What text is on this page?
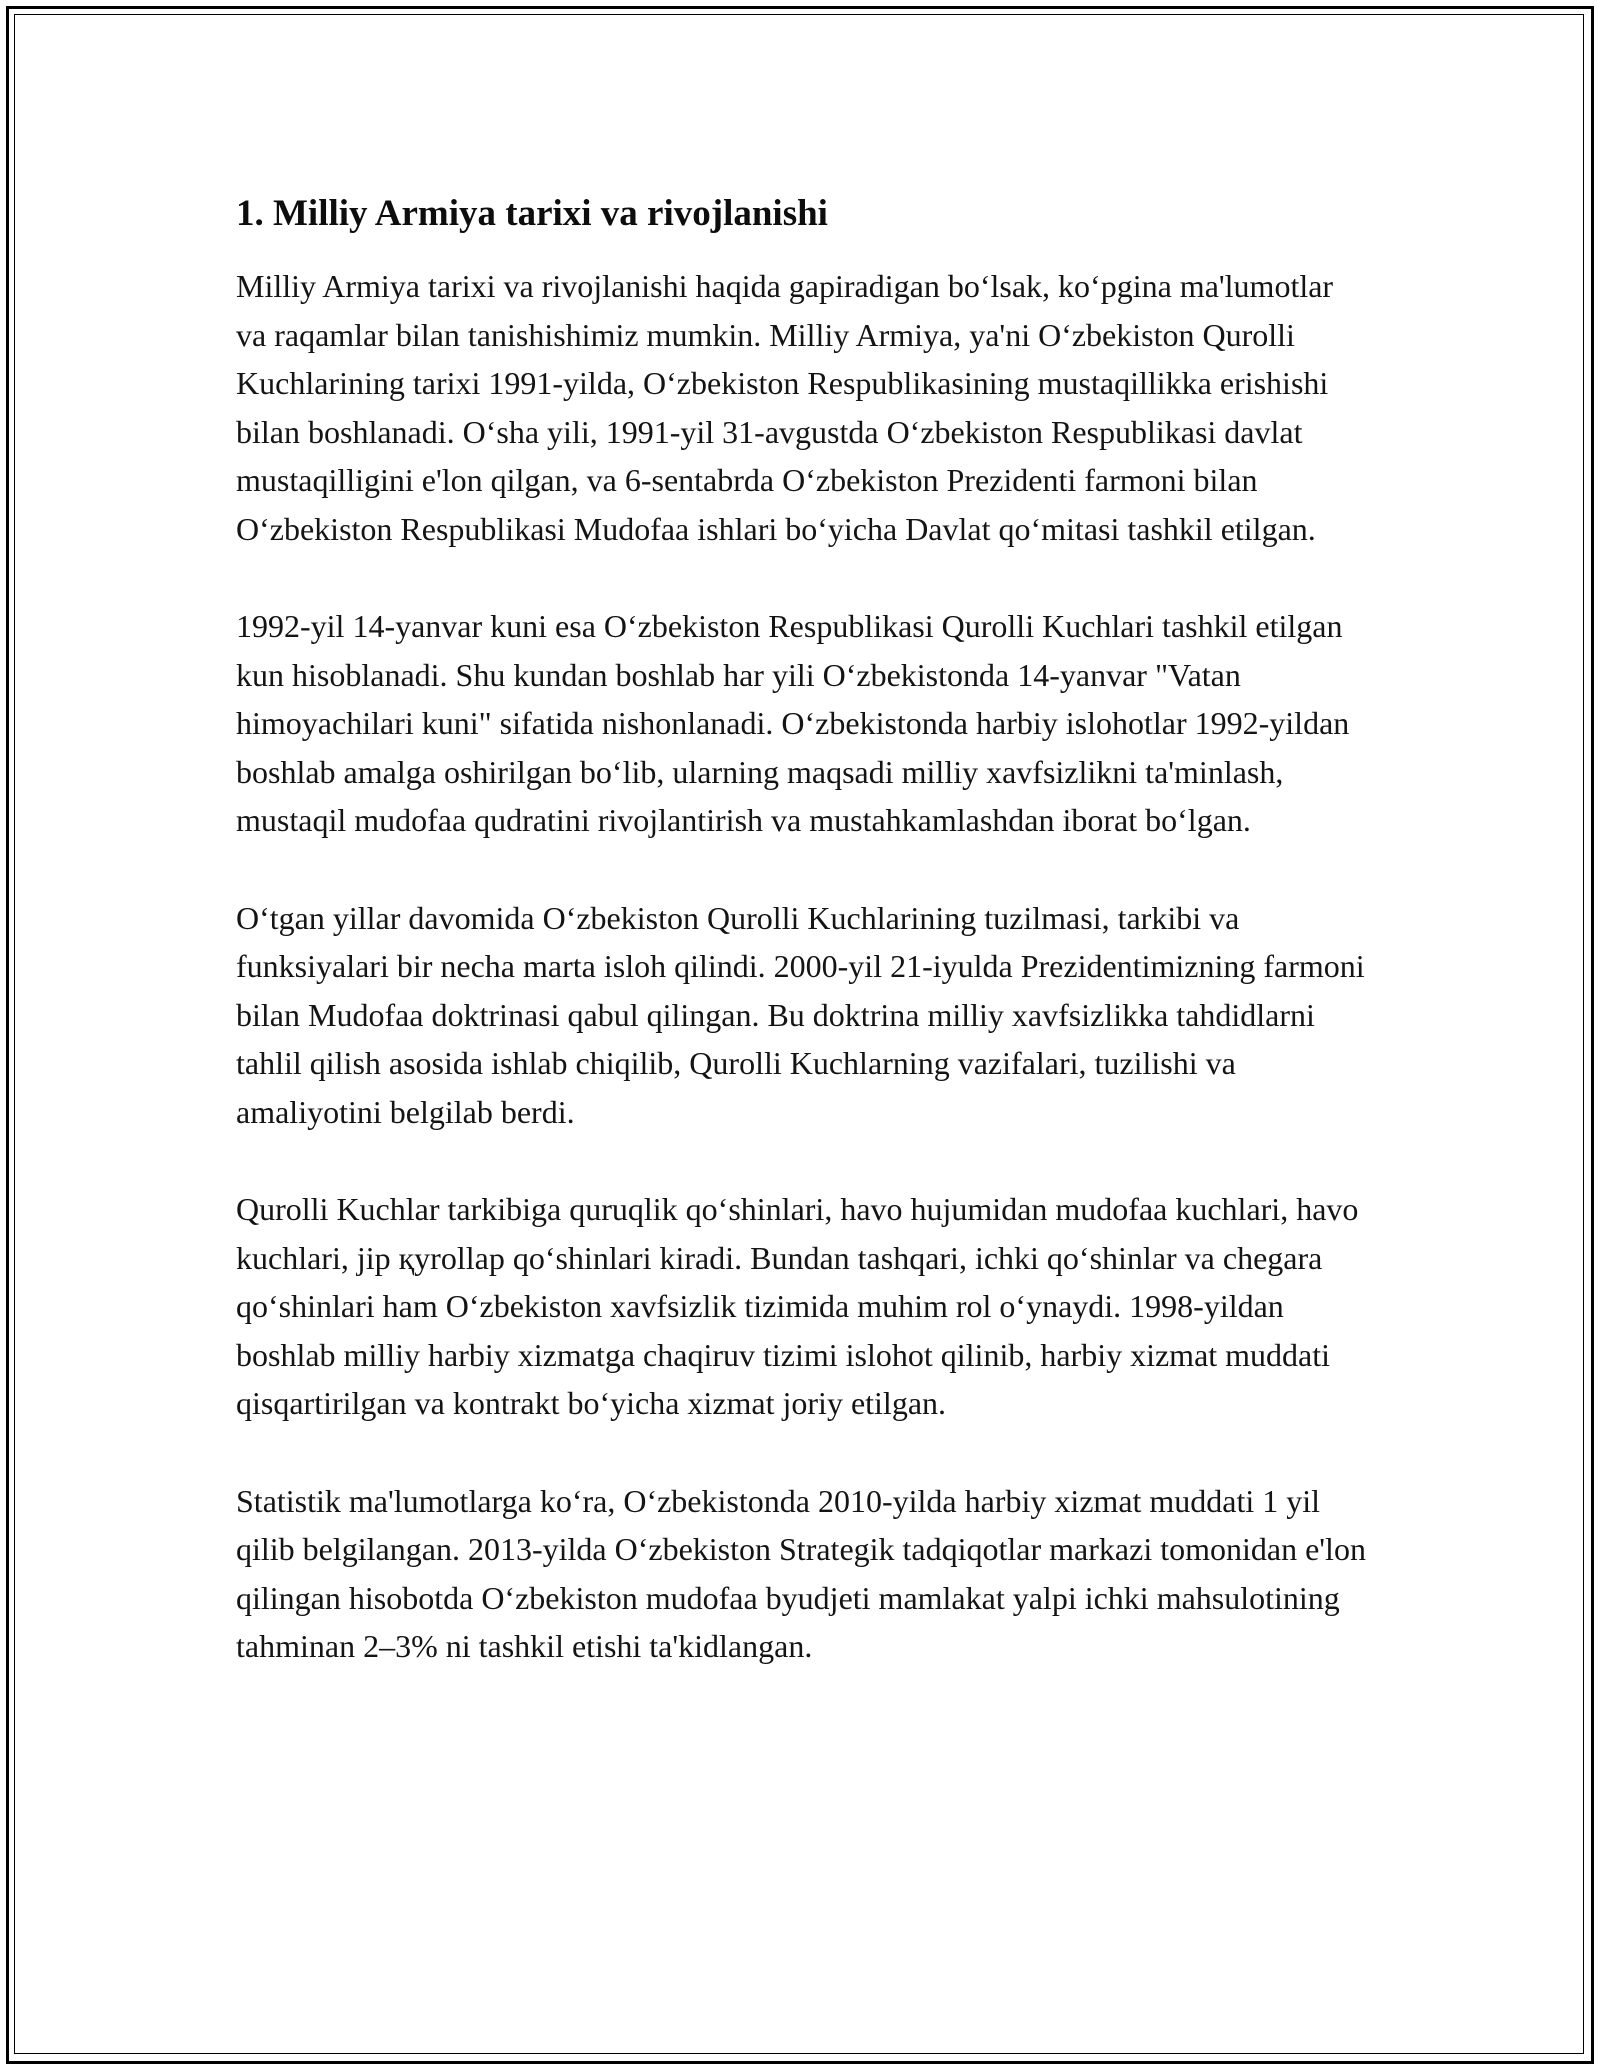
1. Milliy Armiya tarixi va rivojlanishi

Milliy Armiya tarixi va rivojlanishi haqida gapiradigan bo‘lsak, ko‘pgina ma'lumotlar va raqamlar bilan tanishishimiz mumkin. Milliy Armiya, ya'ni O‘zbekiston Qurolli Kuchlarining tarixi 1991-yilda, O‘zbekiston Respublikasining mustaqillikka erishishi bilan boshlanadi. O‘sha yili, 1991-yil 31-avgustda O‘zbekiston Respublikasi davlat mustaqilligini e'lon qilgan, va 6-sentabrda O‘zbekiston Prezidenti farmoni bilan O‘zbekiston Respublikasi Mudofaa ishlari bo‘yicha Davlat qo‘mitasi tashkil etilgan.

1992-yil 14-yanvar kuni esa O‘zbekiston Respublikasi Qurolli Kuchlari tashkil etilgan kun hisoblanadi. Shu kundan boshlab har yili O‘zbekistonda 14-yanvar "Vatan himoyachilari kuni" sifatida nishonlanadi. O‘zbekistonda harbiy islohotlar 1992-yildan boshlab amalga oshirilgan bo‘lib, ularning maqsadi milliy xavfsizlikni ta'minlash, mustaqil mudofaa qudratini rivojlantirish va mustahkamlashdan iborat bo‘lgan.

O‘tgan yillar davomida O‘zbekiston Qurolli Kuchlarining tuzilmasi, tarkibi va funksiyalari bir necha marta isloh qilindi. 2000-yil 21-iyulda Prezidentimizning farmoni bilan Mudofaa doktrinasi qabul qilingan. Bu doktrina milliy xavfsizlikka tahdidlarni tahlil qilish asosida ishlab chiqilib, Qurolli Kuchlarning vazifalari, tuzilishi va amaliyotini belgilab berdi.

Qurolli Kuchlar tarkibiga quruqlik qo‘shinlari, havo hujumidan mudofaa kuchlari, havo kuchlari, jip қyrollap qo‘shinlari kiradi. Bundan tashqari, ichki qo‘shinlar va chegara qo‘shinlari ham O‘zbekiston xavfsizlik tizimida muhim rol o‘ynaydi. 1998-yildan boshlab milliy harbiy xizmatga chaqiruv tizimi islohot qilinib, harbiy xizmat muddati qisqartirilgan va kontrakt bo‘yicha xizmat joriy etilgan.

Statistik ma'lumotlarga ko‘ra, O‘zbekistonda 2010-yilda harbiy xizmat muddati 1 yil qilib belgilangan. 2013-yilda O‘zbekiston Strategik tadqiqotlar markazi tomonidan e'lon qilingan hisobotda O‘zbekiston mudofaa byudjeti mamlakat yalpi ichki mahsulotining tahminan 2–3% ni tashkil etishi ta'kidlangan.
